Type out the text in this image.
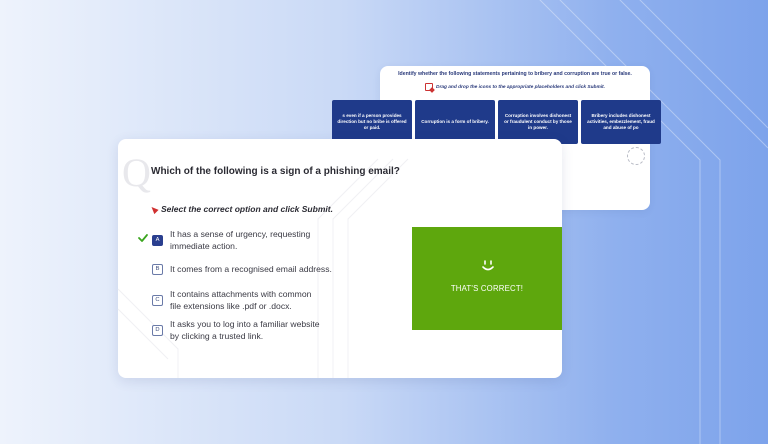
Identify whether the following statements pertaining to bribery and corruption are true or false.
Drag and drop the icons to the appropriate placeholders and click Submit.
s even if a person provides direction but no bribe is offered or paid.
Corruption is a form of bribery.
Corruption involves dishonest or fraudulent conduct by those in power.
Bribery includes dishonest activities, embezzlement, fraud and abuse of po
Q Which of the following is a sign of a phishing email?
Select the correct option and click Submit.
A
It has a sense of urgency, requesting immediate action.
B	It comes from a recognised email address.
C
It contains attachments with common file extensions like .pdf or .docx.
D
It asks you to log into a familiar website by clicking a trusted link.
THAT'S CORRECT!
